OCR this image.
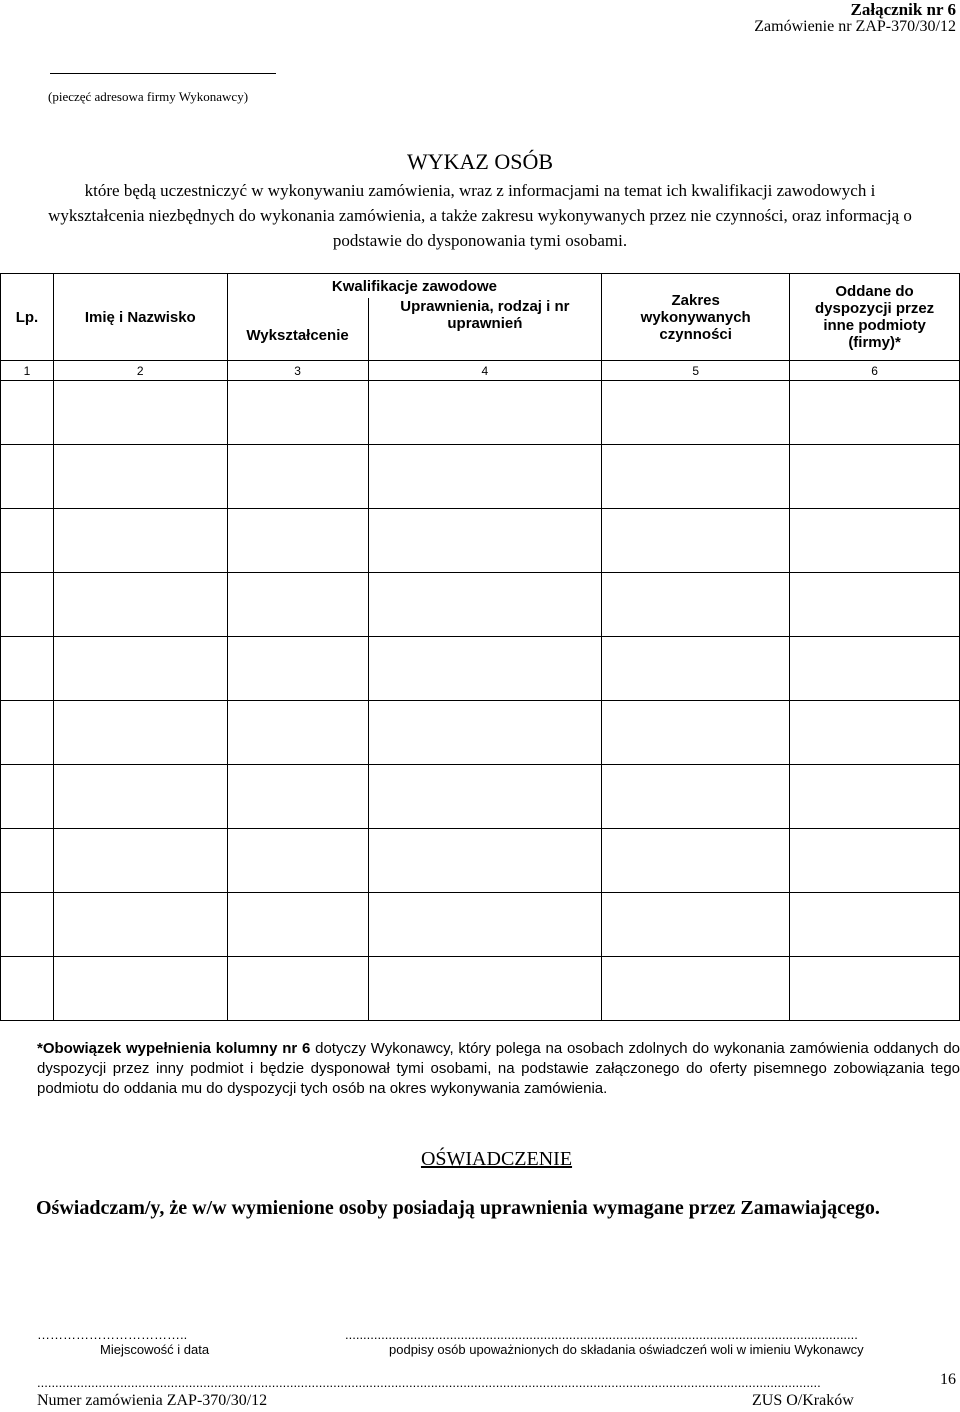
Załącznik nr 6
Zamówienie nr ZAP-370/30/12
(pieczęć adresowa firmy Wykonawcy)
WYKAZ OSÓB
które będą uczestniczyć w wykonywaniu zamówienia, wraz z informacjami na temat ich kwalifikacji zawodowych i wykształcenia niezbędnych do wykonania zamówienia, a także zakresu wykonywanych przez nie czynności, oraz informacją o podstawie do dysponowania tymi osobami.
Lp.	Imię i Nazwisko	Kwalifikacje zawodowe		Zakres wykonywanych czynności	Oddane do dyspozycji przez inne podmioty (firmy)*
		Wykształcenie	Uprawnienia, rodzaj i nr uprawnień		
1	2	3	4	5	6

*Obowiązek wypełnienia kolumny nr 6 dotyczy Wykonawcy, który polega na osobach zdolnych do wykonania zamówienia oddanych do dyspozycji przez inny podmiot i będzie dysponował tymi osobami, na podstawie załączonego do oferty pisemnego zobowiązania tego podmiotu do oddania mu do dyspozycji tych osób na okres wykonywania zamówienia.
OŚWIADCZENIE
Oświadczam/y, że w/w wymienione osoby posiadają uprawnienia wymagane przez Zamawiającego.
……………………………..	..............................................................................................................................................
Miejscowość i data	podpisy osób upoważnionych do składania oświadczeń woli w imieniu Wykonawcy
.........................................................................................................................................................................................................................	16
Numer zamówienia ZAP-370/30/12	ZUS O/Kraków
